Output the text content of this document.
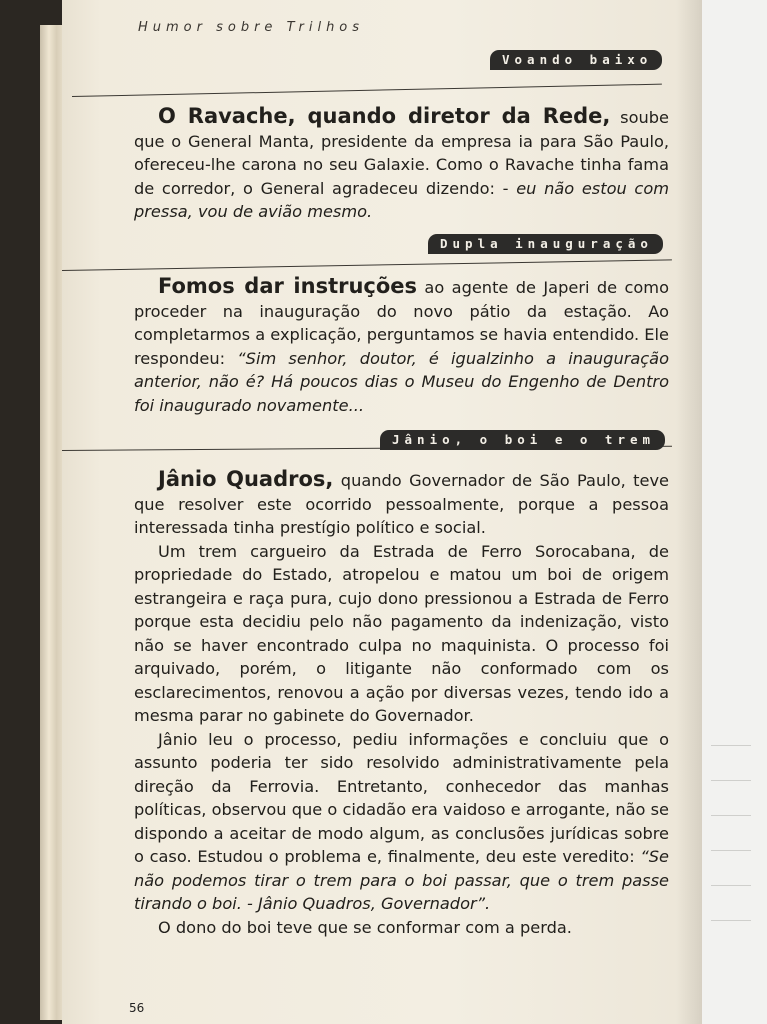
Humor sobre Trilhos
Voando baixo

O Ravache, quando diretor da Rede, soube que o General Manta, presidente da empresa ia para São Paulo, ofereceu-lhe carona no seu Galaxie. Como o Ravache tinha fama de corredor, o General agradeceu dizendo: - eu não estou com pressa, vou de avião mesmo.

Dupla inauguração

Fomos dar instruções ao agente de Japeri de como proceder na inauguração do novo pátio da estação. Ao completarmos a explicação, perguntamos se havia entendido. Ele respondeu: “Sim senhor, doutor, é igualzinho a inauguração anterior, não é? Há poucos dias o Museu do Engenho de Dentro foi inaugurado novamente...

Jânio, o boi e o trem

Jânio Quadros, quando Governador de São Paulo, teve que resolver este ocorrido pessoalmente, porque a pessoa interessada tinha prestígio político e social.

Um trem cargueiro da Estrada de Ferro Sorocabana, de propriedade do Estado, atropelou e matou um boi de origem estrangeira e raça pura, cujo dono pressionou a Estrada de Ferro porque esta decidiu pelo não pagamento da indenização, visto não se haver encontrado culpa no maquinista. O processo foi arquivado, porém, o litigante não conformado com os esclarecimentos, renovou a ação por diversas vezes, tendo ido a mesma parar no gabinete do Governador.

Jânio leu o processo, pediu informações e concluiu que o assunto poderia ter sido resolvido administrativamente pela direção da Ferrovia. Entretanto, conhecedor das manhas políticas, observou que o cidadão era vaidoso e arrogante, não se dispondo a aceitar de modo algum, as conclusões jurídicas sobre o caso. Estudou o problema e, finalmente, deu este veredito: “Se não podemos tirar o trem para o boi passar, que o trem passe tirando o boi. - Jânio Quadros, Governador”.

O dono do boi teve que se conformar com a perda.

56
